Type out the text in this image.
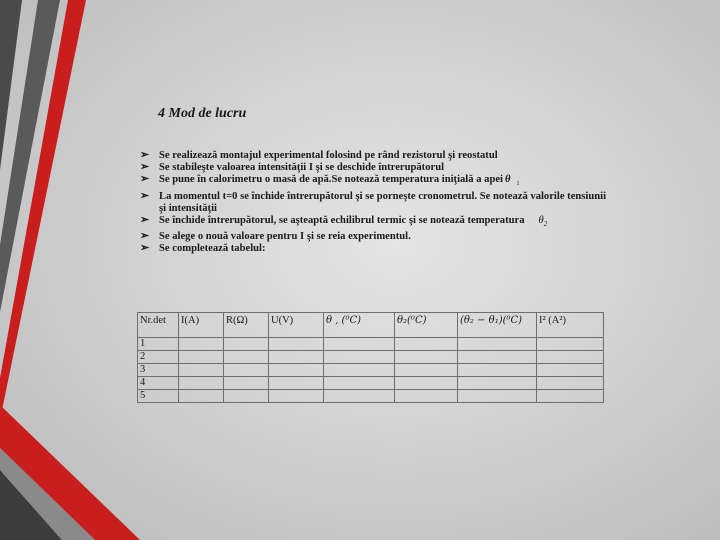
4 Mod de lucru
➢ Se realizează montajul experimental folosind pe rând rezistorul şi reostatul
➢ Se stabileşte valoarea intensităţii I şi se deschide întrerupătorul
➢ Se pune în calorimetru o masă de apă.Se notează temperatura iniţială a apei θ $_1$
➢ La momentul t=0 se închide întrerupătorul şi se porneşte cronometrul. Se notează valorile tensiunii şi intensităţii
➢ Se închide întrerupătorul, se aşteaptă echilibrul termic şi se notează temperatura $\theta_2$
➢ Se alege o nouă valoare pentru I şi se reia experimentul.
➢ Se completează tabelul:
Nr.det	I(A)	R(Ω)	U(V)	θ , (⁰C)	θ₂(⁰C)	(θ₂ − θ₁)(⁰C)	I² (A²)
1							
2							
3							
4							
5							
